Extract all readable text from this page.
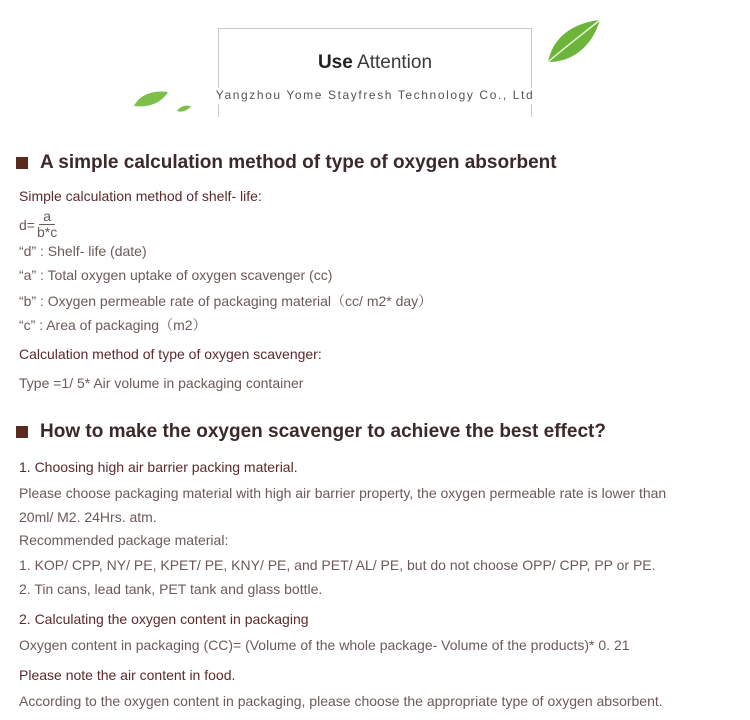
Use Attention
Yangzhou Yome Stayfresh Technology Co., Ltd
A simple calculation method of type of oxygen absorbent
Simple calculation method of shelf- life:
$d= \frac{a}{b*c}$
“d” : Shelf- life (date)
“a” : Total oxygen uptake of oxygen scavenger (cc)
“b” : Oxygen permeable rate of packaging material（cc/ m2* day）
“c” : Area of packaging（m2）
Calculation method of type of oxygen scavenger:
Type =1/ 5* Air volume in packaging container
How to make the oxygen scavenger to achieve the best effect?
1. Choosing high air barrier packing material.
Please choose packaging material with high air barrier property, the oxygen permeable rate is lower than
20ml/ M2. 24Hrs. atm.
Recommended package material:
1. KOP/ CPP, NY/ PE, KPET/ PE, KNY/ PE, and PET/ AL/ PE, but do not choose OPP/ CPP, PP or PE.
2. Tin cans, lead tank, PET tank and glass bottle.
2. Calculating the oxygen content in packaging
Oxygen content in packaging (CC)= (Volume of the whole package- Volume of the products)* 0. 21
Please note the air content in food.
According to the oxygen content in packaging, please choose the appropriate type of oxygen absorbent.
